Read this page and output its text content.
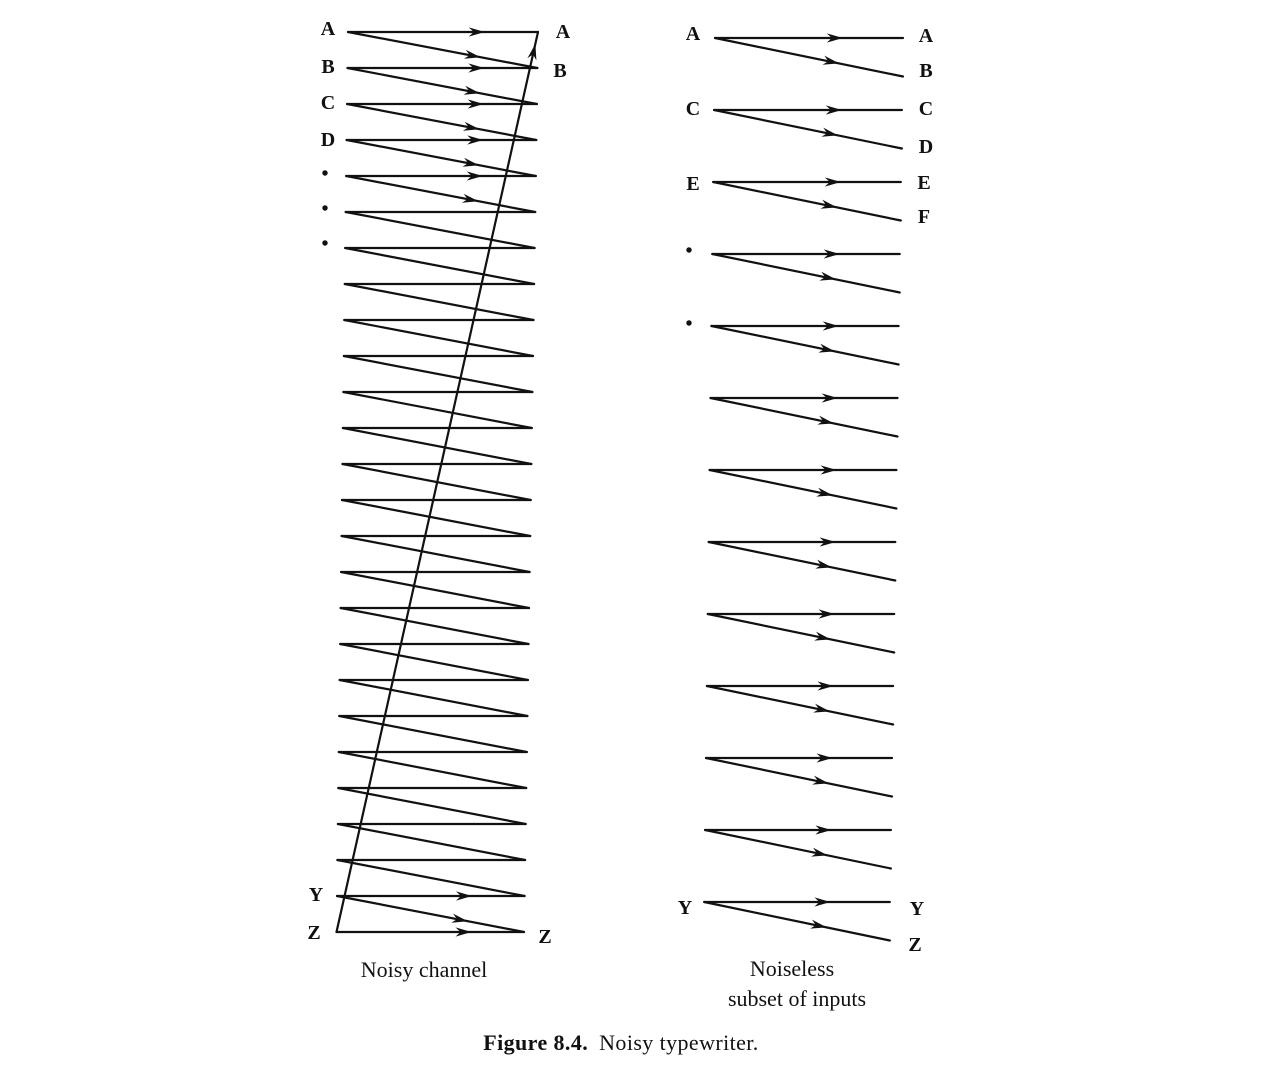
A
B
C
D
•
•
•
Y
Z
A
B
Z
Noisy channel
A
C
E
•
•
Y
A
B
C
D
E
F
Y
Z
Noiseless
subset of inputs
Figure 8.4. Noisy typewriter.
